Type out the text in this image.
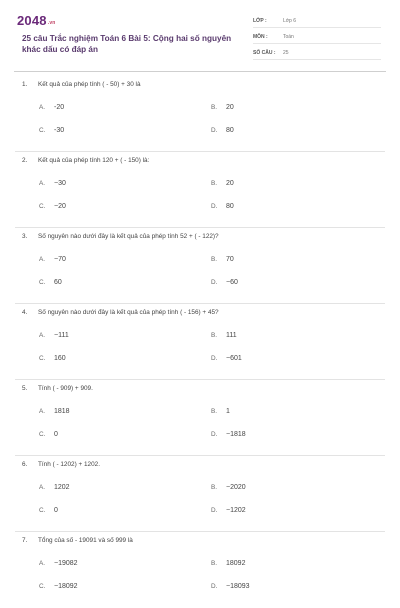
2048.vn
25 câu Trắc nghiệm Toán 6 Bài 5: Cộng hai số nguyên khác dấu có đáp án
LỚP :	Lớp 6
MÔN :	Toán
SỐ CÂU :	25
1. Kết quả của phép tính ( - 50) + 30 là
A. -20	B. 20
C. -30	D. 80
2. Kết quả của phép tính 120 + ( - 150) là:
A. −30	B. 20
C. −20	D. 80
3. Số nguyên nào dưới đây là kết quả của phép tính 52 + ( - 122)?
A. −70	B. 70
C. 60	D. −60
4. Số nguyên nào dưới đây là kết quả của phép tính ( - 156) + 45?
A. −111	B. 111
C. 160	D. −601
5. Tính ( - 909) + 909.
A. 1818	B. 1
C. 0	D. −1818
6. Tính ( - 1202) + 1202.
A. 1202	B. −2020
C. 0	D. −1202
7. Tổng của số - 19091 và số 999 là
A. −19082	B. 18092
C. −18092	D. −18093
